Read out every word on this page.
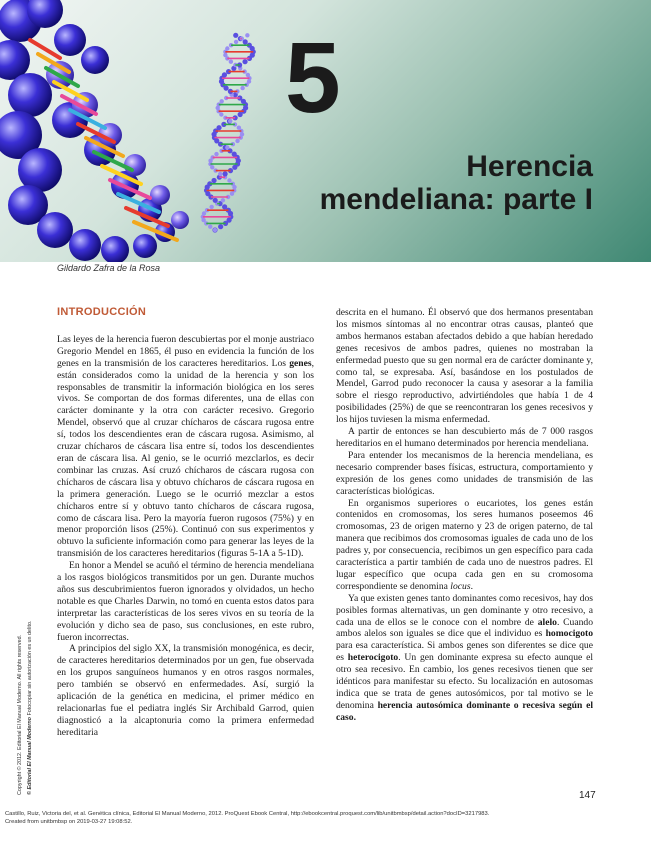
5
Herencia
mendeliana: parte I
Gildardo Zafra de la Rosa
INTRODUCCIÓN

Las leyes de la herencia fueron descubiertas por el monje austriaco Gregorio Mendel en 1865, él puso en evidencia la función de los genes en la transmisión de los caracteres hereditarios. Los genes, están considerados como la unidad de la herencia y son los responsables de transmitir la información biológica en los seres vivos. Se comportan de dos formas diferentes, una de ellas con carácter dominante y la otra con carácter recesivo. Gregorio Mendel, observó que al cruzar chícharos de cáscara rugosa entre sí, todos los descendientes eran de cáscara rugosa. Asimismo, al cruzar chícharos de cáscara lisa entre sí, todos los descendientes eran de cáscara lisa. Al genio, se le ocurrió mezclarlos, es decir combinar las cruzas. Así cruzó chícharos de cáscara rugosa con chícharos de cáscara lisa y obtuvo chícharos de cáscara rugosa en la primera generación. Luego se le ocurrió mezclar a estos chícharos entre sí y obtuvo tanto chícharos de cáscara rugosa, como de cáscara lisa. Pero la mayoría fueron rugosos (75%) y en menor proporción lisos (25%). Continuó con sus experimentos y obtuvo la suficiente información como para generar las leyes de la transmisión de los caracteres hereditarios (figuras 5-1A a 5-1D).

En honor a Mendel se acuñó el término de herencia mendeliana a los rasgos biológicos transmitidos por un gen. Durante muchos años sus descubrimientos fueron ignorados y olvidados, un hecho notable es que Charles Darwin, no tomó en cuenta estos datos para interpretar las características de los seres vivos en su teoría de la evolución y dicho sea de paso, sus conclusiones, en este rubro, fueron incorrectas.

A principios del siglo XX, la transmisión monogénica, es decir, de caracteres hereditarios determinados por un gen, fue observada en los grupos sanguíneos humanos y en otros rasgos normales, pero también se observó en enfermedades. Así, surgió la aplicación de la genética en medicina, el primer médico en relacionarlas fue el pediatra inglés Sir Archibald Garrod, quien diagnosticó a la alcaptonuria como la primera enfermedad hereditaria

descrita en el humano. Él observó que dos hermanos presentaban los mismos síntomas al no encontrar otras causas, planteó que ambos hermanos estaban afectados debido a que habían heredado genes recesivos de ambos padres, quienes no mostraban la enfermedad puesto que su gen normal era de carácter dominante y, como tal, se expresaba. Así, basándose en los postulados de Mendel, Garrod pudo reconocer la causa y asesorar a la familia sobre el riesgo reproductivo, advirtiéndoles que había 1 de 4 posibilidades (25%) de que se reencontraran los genes recesivos y los hijos tuviesen la misma enfermedad.

A partir de entonces se han descubierto más de 7 000 rasgos hereditarios en el humano determinados por herencia mendeliana.

Para entender los mecanismos de la herencia mendeliana, es necesario comprender bases físicas, estructura, comportamiento y expresión de los genes como unidades de transmisión de las características biológicas.

En organismos superiores o eucariotes, los genes están contenidos en cromosomas, los seres humanos poseemos 46 cromosomas, 23 de origen materno y 23 de origen paterno, de tal manera que recibimos dos cromosomas iguales de cada uno de los padres y, por consecuencia, recibimos un gen específico para cada característica a partir también de cada uno de nuestros padres. El lugar específico que ocupa cada gen en su cromosoma correspondiente se denomina locus.

Ya que existen genes tanto dominantes como recesivos, hay dos posibles formas alternativas, un gen dominante y otro recesivo, a cada una de ellos se le conoce con el nombre de alelo. Cuando ambos alelos son iguales se dice que el individuo es homocigoto para esa característica. Si ambos genes son diferentes se dice que es heterocigoto. Un gen dominante expresa su efecto aunque el otro sea recesivo. En cambio, los genes recesivos tienen que ser idénticos para manifestar su efecto. Su localización en autosomas indica que se trata de genes autosómicos, por tal motivo se le denomina herencia autosómica dominante o recesiva según el caso.

147
Castillo, Ruiz, Victoria del, et al. Genética clínica, Editorial El Manual Moderno, 2012. ProQuest Ebook Central, http://ebookcentral.proquest.com/lib/unitbmbsp/detail.action?docID=3217983.
Created from unitbmbsp on 2019-03-27 19:08:52.
Copyright © 2012. Editorial El Manual Moderno. All rights reserved. © Editorial El Manual Moderno Fotocopiar sin autorización es un delito.
